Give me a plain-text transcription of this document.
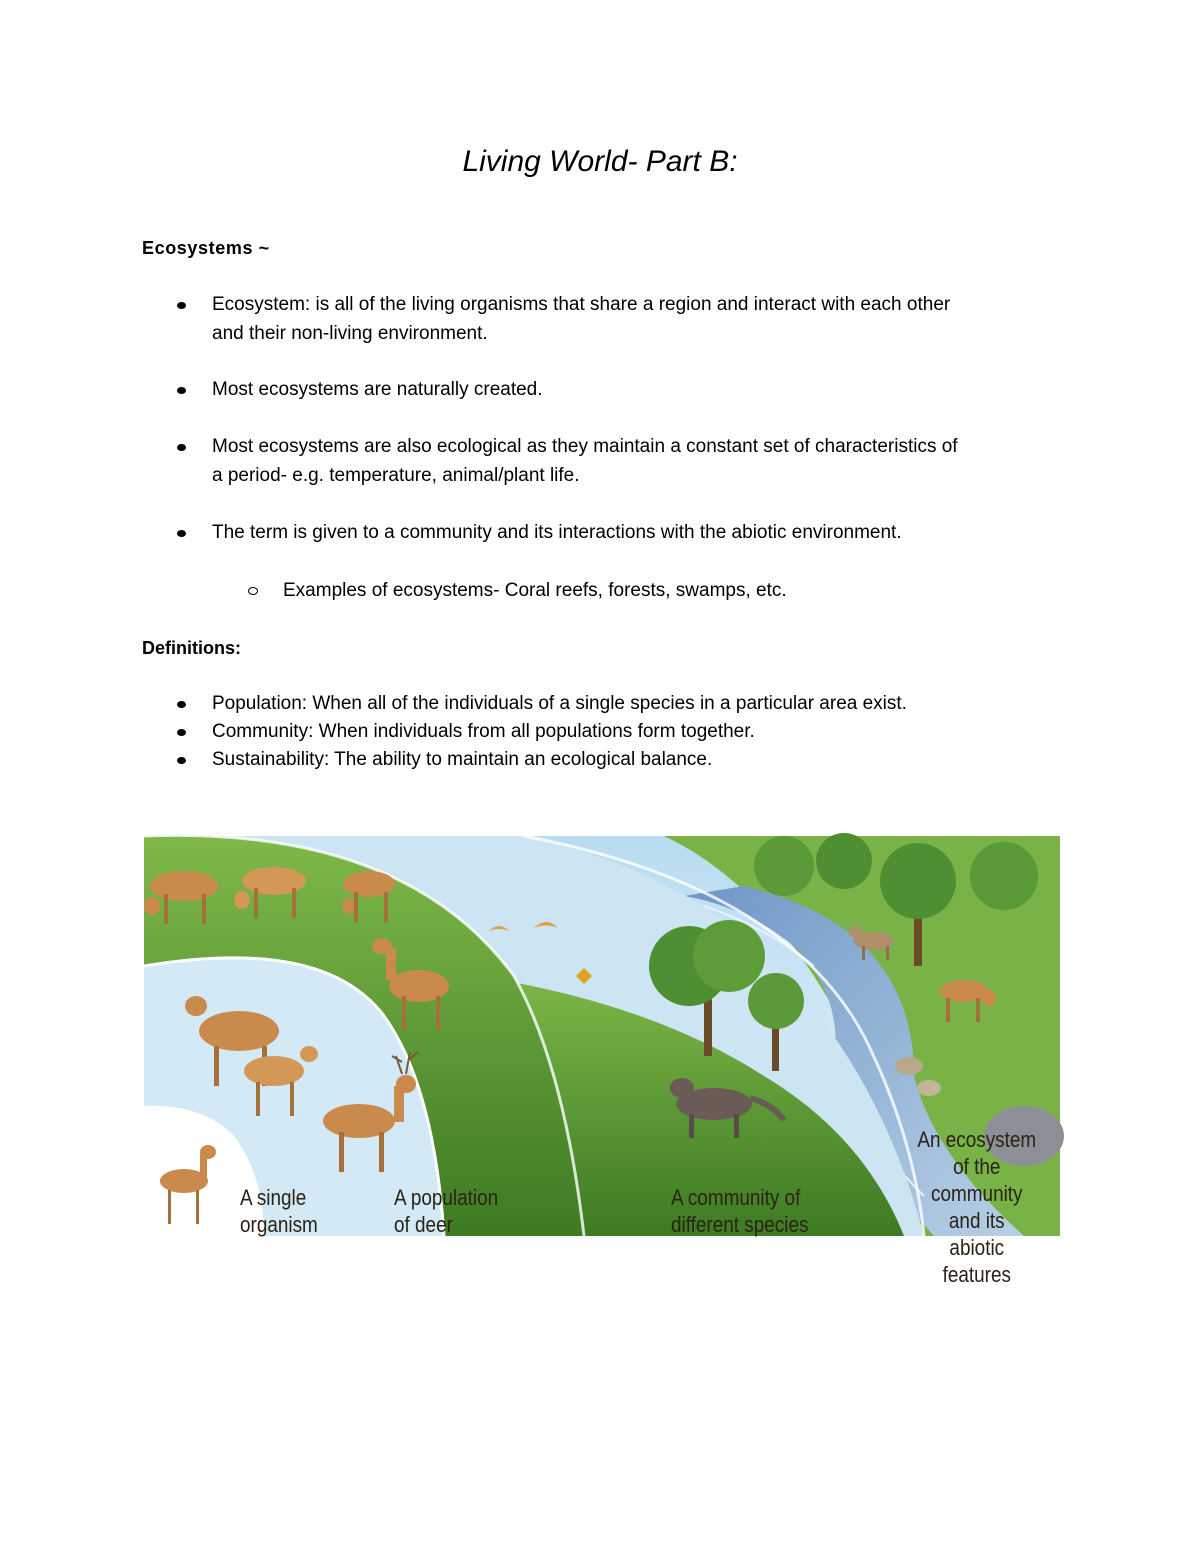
Living World- Part B:
Ecosystems ~

Ecosystem: is all of the living organisms that share a region and interact with each other
and their non-living environment.

Most ecosystems are naturally created.

Most ecosystems are also ecological as they maintain a constant set of characteristics of
a period- e.g. temperature, animal/plant life.

The term is given to a community and its interactions with the abiotic environment.

Examples of ecosystems- Coral reefs, forests, swamps, etc.

Definitions:

Population: When all of the individuals of a single species in a particular area exist.

Community: When individuals from all populations form together.

Sustainability: The ability to maintain an ecological balance.

A single
organism
A population
of deer
A community of
different species
An ecosystem
of the community
and its
abiotic features
